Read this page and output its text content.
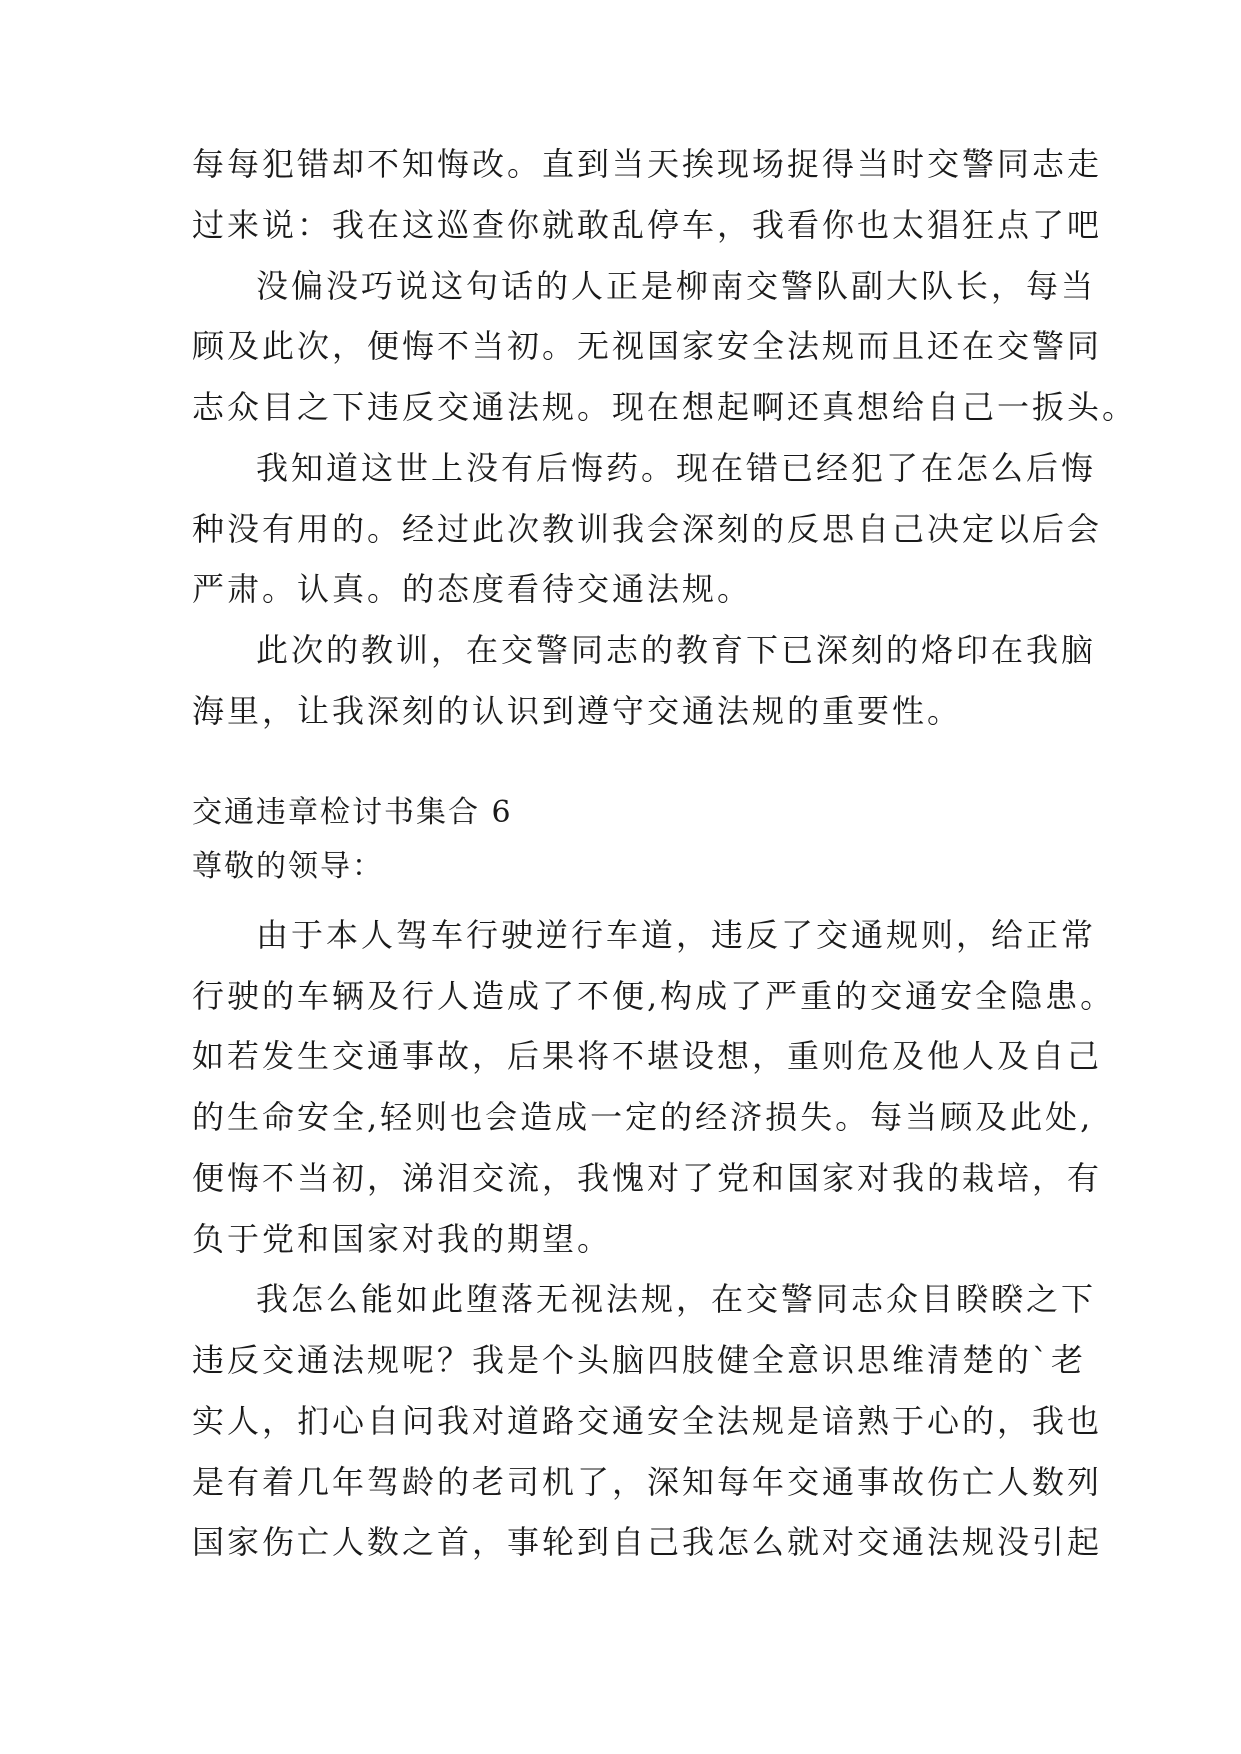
每每犯错却不知悔改。直到当天挨现场捉得当时交警同志走
过来说：我在这巡查你就敢乱停车，我看你也太猖狂点了吧
没偏没巧说这句话的人正是柳南交警队副大队长，每当
顾及此次，便悔不当初。无视国家安全法规而且还在交警同
志众目之下违反交通法规。现在想起啊还真想给自己一扳头。
我知道这世上没有后悔药。现在错已经犯了在怎么后悔
种没有用的。经过此次教训我会深刻的反思自己决定以后会
严肃。认真。的态度看待交通法规。
此次的教训，在交警同志的教育下已深刻的烙印在我脑
海里，让我深刻的认识到遵守交通法规的重要性。
交通违章检讨书集合 6
尊敬的领导：
由于本人驾车行驶逆行车道，违反了交通规则，给正常
行驶的车辆及行人造成了不便,构成了严重的交通安全隐患。
如若发生交通事故，后果将不堪设想，重则危及他人及自己
的生命安全,轻则也会造成一定的经济损失。每当顾及此处,
便悔不当初，涕泪交流，我愧对了党和国家对我的栽培，有
负于党和国家对我的期望。
我怎么能如此堕落无视法规，在交警同志众目睽睽之下
违反交通法规呢？我是个头脑四肢健全意识思维清楚的`老
实人，扪心自问我对道路交通安全法规是谙熟于心的，我也
是有着几年驾龄的老司机了，深知每年交通事故伤亡人数列
国家伤亡人数之首，事轮到自己我怎么就对交通法规没引起
